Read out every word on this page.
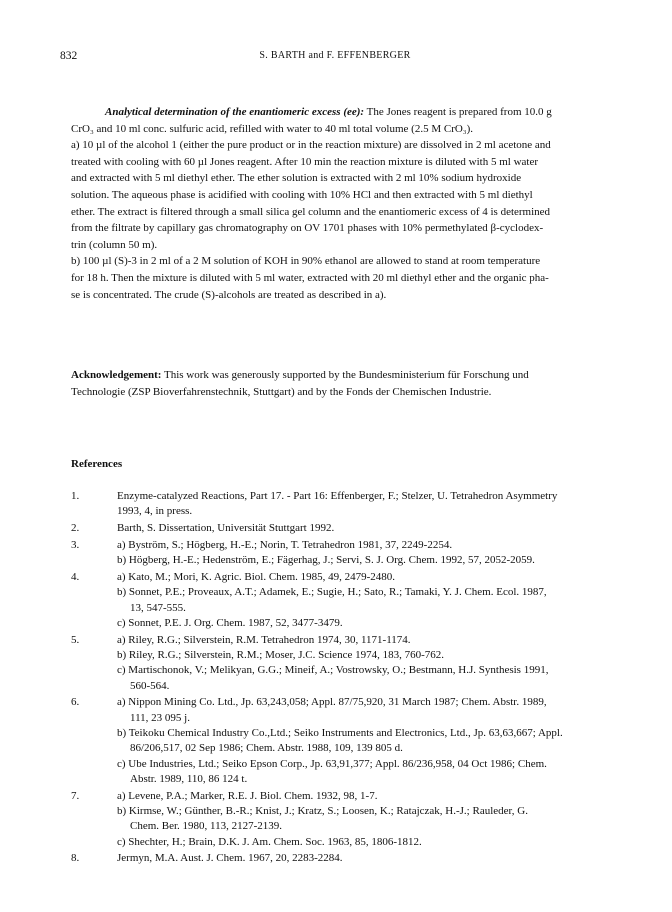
832	S. BARTH and F. EFFENBERGER
Analytical determination of the enantiomeric excess (ee): The Jones reagent is prepared from 10.0 g
CrO₃ and 10 ml conc. sulfuric acid, refilled with water to 40 ml total volume (2.5 M CrO₃).
a) 10 µl of the alcohol 1 (either the pure product or in the reaction mixture) are dissolved in 2 ml acetone and
treated with cooling with 60 µl Jones reagent. After 10 min the reaction mixture is diluted with 5 ml water
and extracted with 5 ml diethyl ether. The ether solution is extracted with 2 ml 10% sodium hydroxide
solution. The aqueous phase is acidified with cooling with 10% HCl and then extracted with 5 ml diethyl
ether. The extract is filtered through a small silica gel column and the enantiomeric excess of 4 is determined
from the filtrate by capillary gas chromatography on OV 1701 phases with 10% permethylated β-cyclodex-
trin (column 50 m).
b) 100 µl (S)-3 in 2 ml of a 2 M solution of KOH in 90% ethanol are allowed to stand at room temperature
for 18 h. Then the mixture is diluted with 5 ml water, extracted with 20 ml diethyl ether and the organic pha-
se is concentrated. The crude (S)-alcohols are treated as described in a).
Acknowledgement: This work was generously supported by the Bundesministerium für Forschung und
Technologie (ZSP Bioverfahrenstechnik, Stuttgart) and by the Fonds der Chemischen Industrie.
References
1.	Enzyme-catalyzed Reactions, Part 17. - Part 16: Effenberger, F.; Stelzer, U. Tetrahedron Asymmetry
1993, 4, in press.
2.	Barth, S. Dissertation, Universität Stuttgart 1992.
3.	a) Byström, S.; Högberg, H.-E.; Norin, T. Tetrahedron 1981, 37, 2249-2254.
b) Högberg, H.-E.; Hedenström, E.; Fägerhag, J.; Servi, S. J. Org. Chem. 1992, 57, 2052-2059.
4.	a) Kato, M.; Mori, K. Agric. Biol. Chem. 1985, 49, 2479-2480.
b) Sonnet, P.E.; Proveaux, A.T.; Adamek, E.; Sugie, H.; Sato, R.; Tamaki, Y. J. Chem. Ecol. 1987,
13, 547-555.
c) Sonnet, P.E. J. Org. Chem. 1987, 52, 3477-3479.
5.	a) Riley, R.G.; Silverstein, R.M. Tetrahedron 1974, 30, 1171-1174.
b) Riley, R.G.; Silverstein, R.M.; Moser, J.C. Science 1974, 183, 760-762.
c) Martischonok, V.; Melikyan, G.G.; Mineif, A.; Vostrowsky, O.; Bestmann, H.J. Synthesis 1991,
560-564.
6.	a) Nippon Mining Co. Ltd., Jp. 63,243,058; Appl. 87/75,920, 31 March 1987; Chem. Abstr. 1989,
111, 23 095 j.
b) Teikoku Chemical Industry Co.,Ltd.; Seiko Instruments and Electronics, Ltd., Jp. 63,63,667; Appl.
86/206,517, 02 Sep 1986; Chem. Abstr. 1988, 109, 139 805 d.
c) Ube Industries, Ltd.; Seiko Epson Corp., Jp. 63,91,377; Appl. 86/236,958, 04 Oct 1986; Chem.
Abstr. 1989, 110, 86 124 t.
7.	a) Levene, P.A.; Marker, R.E. J. Biol. Chem. 1932, 98, 1-7.
b) Kirmse, W.; Günther, B.-R.; Knist, J.; Kratz, S.; Loosen, K.; Ratajczak, H.-J.; Rauleder, G.
Chem. Ber. 1980, 113, 2127-2139.
c) Shechter, H.; Brain, D.K. J. Am. Chem. Soc. 1963, 85, 1806-1812.
8.	Jermyn, M.A. Aust. J. Chem. 1967, 20, 2283-2284.
